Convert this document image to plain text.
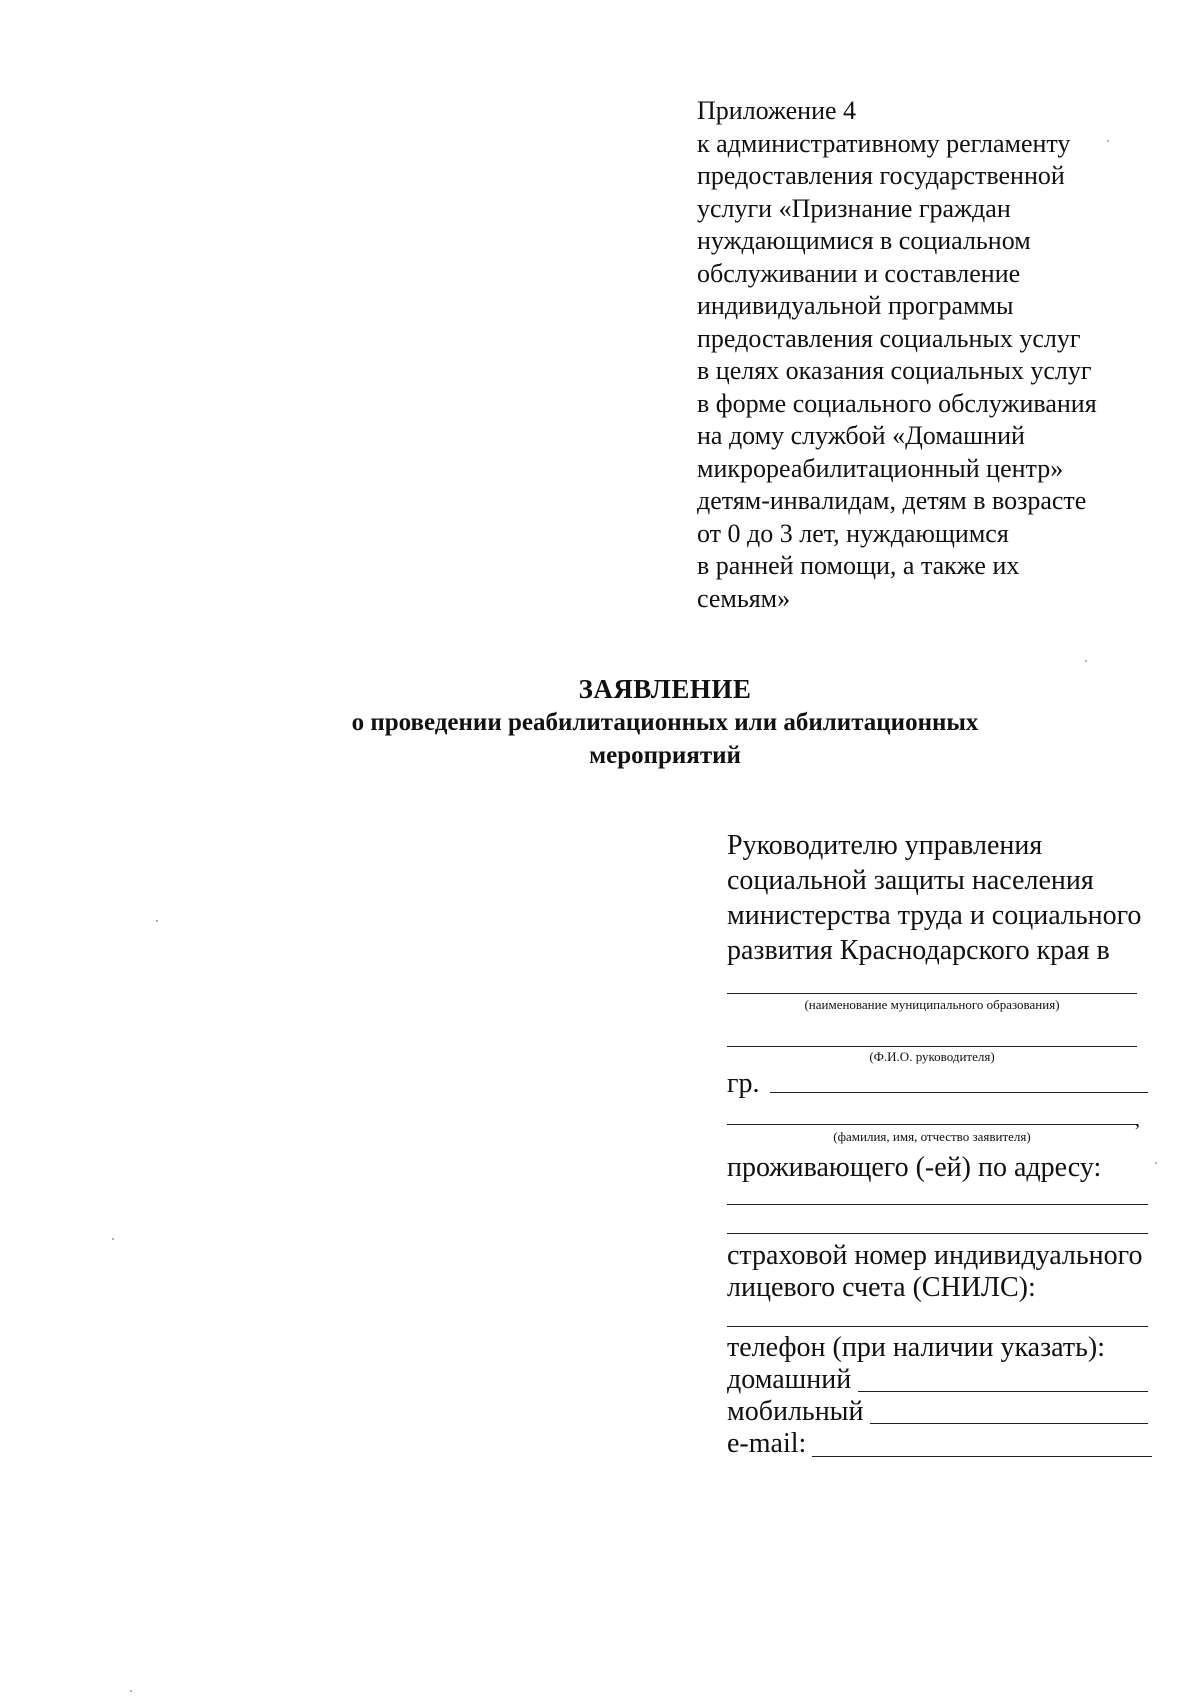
Приложение 4
к административному регламенту
предоставления государственной
услуги «Признание граждан
нуждающимися в социальном
обслуживании и составление
индивидуальной программы
предоставления социальных услуг
в целях оказания социальных услуг
в форме социального обслуживания
на дому службой «Домашний
микрореабилитационный центр»
детям-инвалидам, детям в возрасте
от 0 до 3 лет, нуждающимся
в ранней помощи, а также их
семьям»
ЗАЯВЛЕНИЕ
о проведении реабилитационных или абилитационных
мероприятий
Руководителю управления
социальной защиты населения
министерства труда и социального
развития Краснодарского края в
(наименование муниципального образования)
(Ф.И.О. руководителя)
гр.
,
(фамилия, имя, отчество заявителя)
проживающего (-ей) по адресу:
страховой номер индивидуального
лицевого счета (СНИЛС):
телефон (при наличии указать):
домашний
мобильный
e-mail:
